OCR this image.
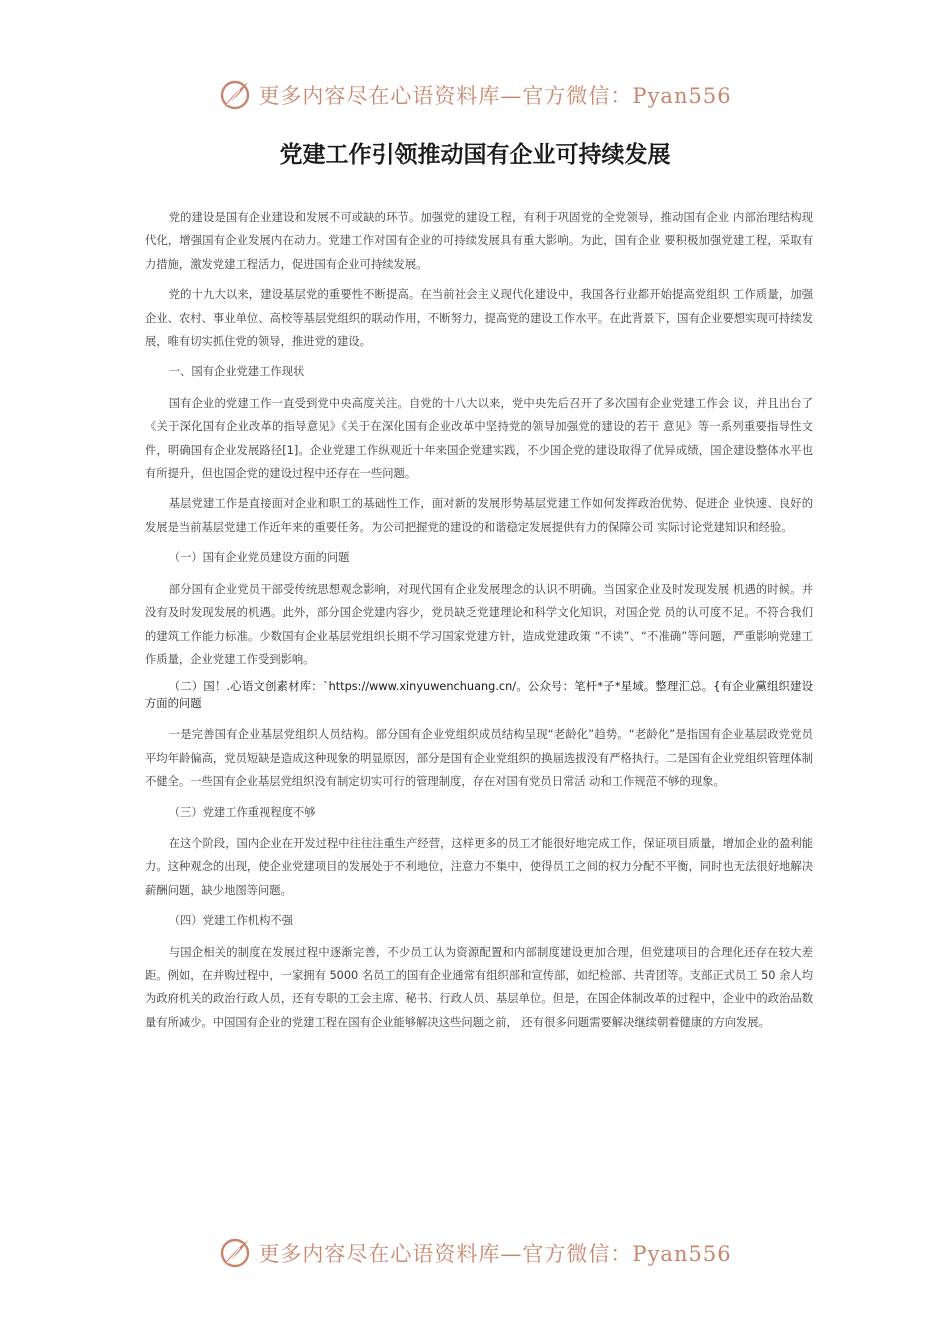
更多内容尽在心语资料库—官方微信：Pyan556
党建工作引领推动国有企业可持续发展

党的建设是国有企业建设和发展不可或缺的环节。加强党的建设工程，有利于巩固党的全党领导，推动国有企业 内部治理结构现代化，增强国有企业发展内在动力。党建工作对国有企业的可持续发展具有重大影响。为此，国有企业 要积极加强党建工程，采取有力措施，激发党建工程活力，促进国有企业可持续发展。

党的十九大以来，建设基层党的重要性不断提高。在当前社会主义现代化建设中，我国各行业都开始提高党组织 工作质量，加强企业、农村、事业单位、高校等基层党组织的联动作用，不断努力，提高党的建设工作水平。在此背景下，国有企业要想实现可持续发展，唯有切实抓住党的领导，推进党的建设。

一、国有企业党建工作现状

国有企业的党建工作一直受到党中央高度关注。自党的十八大以来，党中央先后召开了多次国有企业党建工作会 议，并且出台了《关于深化国有企业改革的指导意见》《关于在深化国有企业改革中坚持党的领导加强党的建设的若干 意见》等一系列重要指导性文件，明确国有企业发展路径[1]。企业党建工作纵观近十年来国企党建实践，不少国企党的建设取得了优异成绩，国企建设整体水平也有所提升，但也国企党的建设过程中还存在一些问题。

基层党建工作是直接面对企业和职工的基础性工作，面对新的发展形势基层党建工作如何发挥政治优势、促进企 业快速、良好的发展是当前基层党建工作近年来的重要任务。为公司把握党的建设的和谐稳定发展提供有力的保障公司 实际讨论党建知识和经验。

（一）国有企业党员建设方面的问题

部分国有企业党员干部受传统思想观念影响，对现代国有企业发展理念的认识不明确。当国家企业及时发现发展 机遇的时候。并没有及时发现发展的机遇。此外，部分国企党建内容少，党员缺乏党建理论和科学文化知识，对国企党 员的认可度不足。不符合我们的建筑工作能力标准。少数国有企业基层党组织长期不学习国家党建方针，造成党建政策 “不读”、“不准确”等问题，严重影响党建工作质量，企业党建工作受到影响。

（二）国！.心语文创素材库：`https://www.xinyuwenchuang.cn/。公众号：笔杆*子*星域。整理汇总。{有企业黨组织建设方面的问题

一是完善国有企业基层党组织人员结构。部分国有企业党组织成员结构呈现“老龄化”趋势。“老龄化”是指国有企业基层政党党员平均年龄偏高，党员短缺是造成这种现象的明显原因，部分是国有企业党组织的换届选拔没有严格执行。二是国有企业党组织管理体制不健全。一些国有企业基层党组织没有制定切实可行的管理制度，存在对国有党员日常活 动和工作规范不够的现象。

（三）党建工作重视程度不够

在这个阶段，国内企业在开发过程中往往注重生产经营，这样更多的员工才能很好地完成工作，保证项目质量，增加企业的盈利能力。这种观念的出现，使企业党建项目的发展处于不利地位，注意力不集中，使得员工之间的权力分配不平衡，同时也无法很好地解决薪酬问题，缺少地图等问题。

（四）党建工作机构不强

与国企相关的制度在发展过程中逐渐完善，不少员工认为资源配置和内部制度建设更加合理，但党建项目的合理化还存在较大差距。例如，在并购过程中，一家拥有 5000 名员工的国有企业通常有组织部和宣传部，如纪检部、共青团等。支部正式员工 50 余人均为政府机关的政治行政人员，还有专职的工会主席、秘书、行政人员、基层单位。但是，在国企体制改革的过程中，企业中的政治品数量有所减少。中国国有企业的党建工程在国有企业能够解决这些问题之前， 还有很多问题需要解决继续朝着健康的方向发展。

更多内容尽在心语资料库—官方微信：Pyan556
